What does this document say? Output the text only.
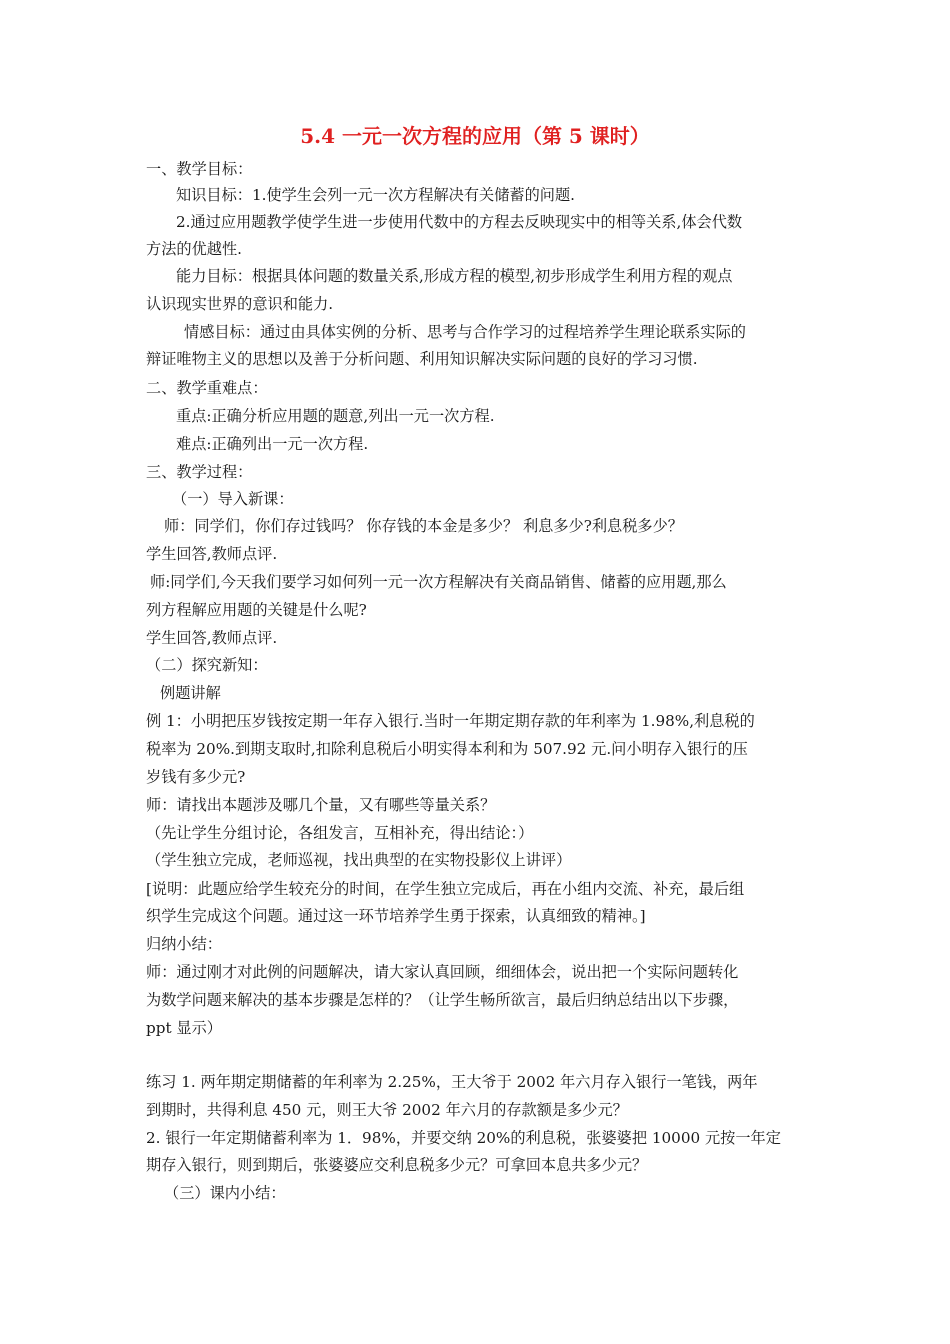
5.4 一元一次方程的应用（第 5 课时）
一、教学目标：
知识目标：1.使学生会列一元一次方程解决有关储蓄的问题.
2.通过应用题教学使学生进一步使用代数中的方程去反映现实中的相等关系,体会代数
方法的优越性.
能力目标：根据具体问题的数量关系,形成方程的模型,初步形成学生利用方程的观点
认识现实世界的意识和能力.
情感目标：通过由具体实例的分析、思考与合作学习的过程培养学生理论联系实际的
辩证唯物主义的思想以及善于分析问题、利用知识解决实际问题的良好的学习习惯.
二、教学重难点：
重点:正确分析应用题的题意,列出一元一次方程.
难点:正确列出一元一次方程.
三、教学过程：
（一）导入新课：
师：同学们，你们存过钱吗？ 你存钱的本金是多少？ 利息多少?利息税多少？
学生回答,教师点评.
师:同学们,今天我们要学习如何列一元一次方程解决有关商品销售、储蓄的应用题,那么
列方程解应用题的关键是什么呢?
学生回答,教师点评.
（二）探究新知：
例题讲解
例 1：小明把压岁钱按定期一年存入银行.当时一年期定期存款的年利率为 1.98%,利息税的
税率为 20%.到期支取时,扣除利息税后小明实得本利和为 507.92 元.问小明存入银行的压
岁钱有多少元?
师：请找出本题涉及哪几个量，又有哪些等量关系？
（先让学生分组讨论，各组发言，互相补充，得出结论：）
（学生独立完成，老师巡视，找出典型的在实物投影仪上讲评）
[说明：此题应给学生较充分的时间，在学生独立完成后，再在小组内交流、补充，最后组
织学生完成这个问题。通过这一环节培养学生勇于探索，认真细致的精神。]
归纳小结：
师：通过刚才对此例的问题解决，请大家认真回顾，细细体会，说出把一个实际问题转化
为数学问题来解决的基本步骤是怎样的？（让学生畅所欲言，最后归纳总结出以下步骤，
ppt 显示）
练习 1. 两年期定期储蓄的年利率为 2.25%，王大爷于 2002 年六月存入银行一笔钱，两年
到期时，共得利息 450 元，则王大爷 2002 年六月的存款额是多少元？
2. 银行一年定期储蓄利率为 1．98%，并要交纳 20%的利息税，张婆婆把 10000 元按一年定
期存入银行，则到期后，张婆婆应交利息税多少元？可拿回本息共多少元？
（三）课内小结：
